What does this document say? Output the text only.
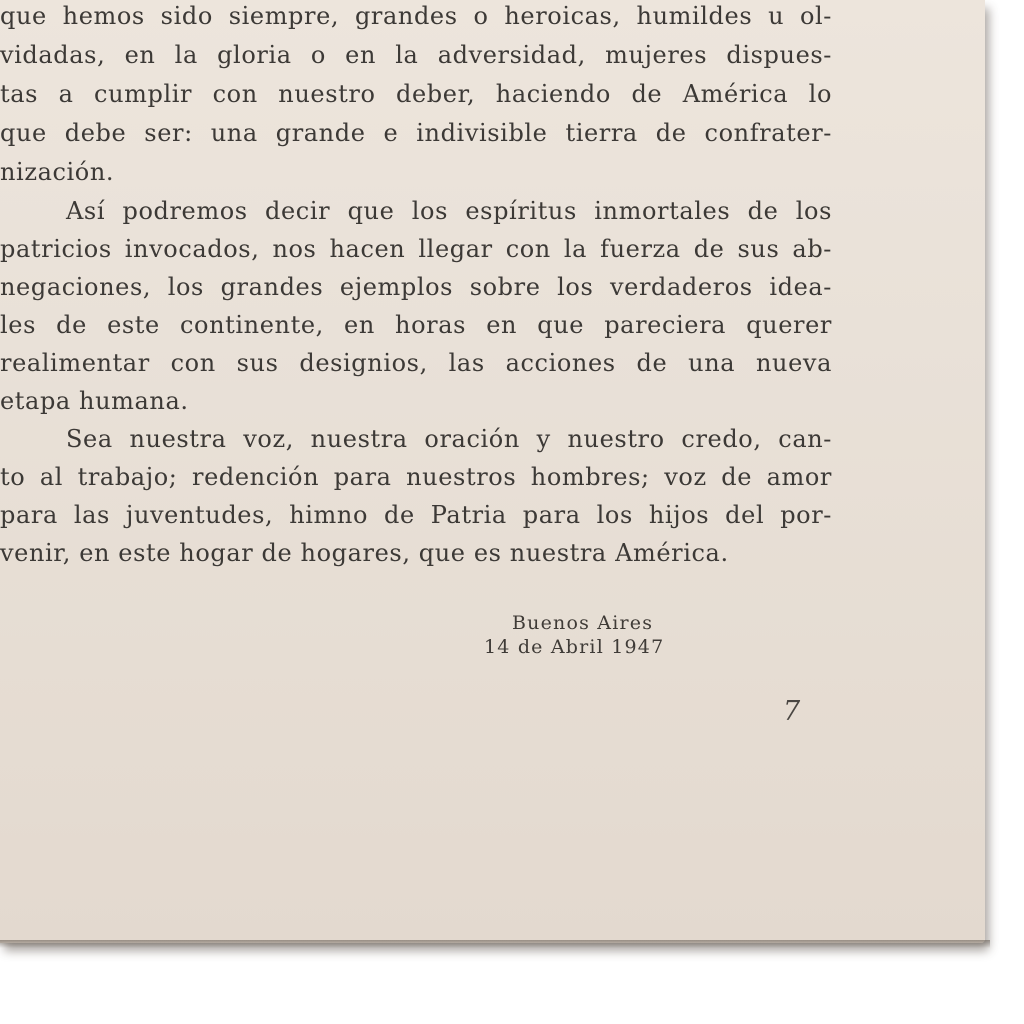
que hemos sido siempre, grandes o heroicas, humildes u ol-
vidadas, en la gloria o en la adversidad, mujeres dispues-
tas a cumplir con nuestro deber, haciendo de América lo
que debe ser: una grande e indivisible tierra de confrater-
nización.
Así podremos decir que los espíritus inmortales de los
patricios invocados, nos hacen llegar con la fuerza de sus ab-
negaciones, los grandes ejemplos sobre los verdaderos idea-
les de este continente, en horas en que pareciera querer
realimentar con sus designios, las acciones de una nueva
etapa humana.
Sea nuestra voz, nuestra oración y nuestro credo, can-
to al trabajo; redención para nuestros hombres; voz de amor
para las juventudes, himno de Patria para los hijos del por-
venir, en este hogar de hogares, que es nuestra América.
Buenos Aires
14 de Abril 1947
7
